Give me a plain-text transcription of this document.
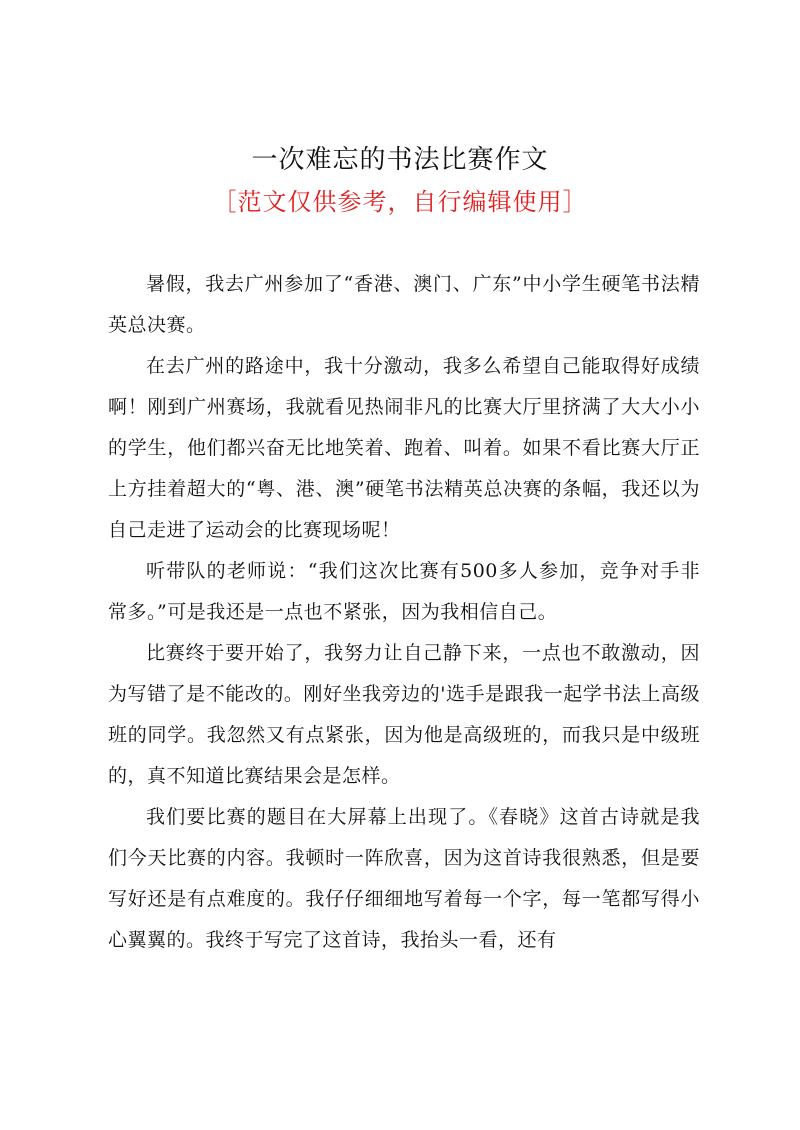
一次难忘的书法比赛作文
［范文仅供参考，自行编辑使用］

暑假，我去广州参加了“香港、澳门、广东”中小学生硬笔书法精英总决赛。

在去广州的路途中，我十分激动，我多么希望自己能取得好成绩啊！刚到广州赛场，我就看见热闹非凡的比赛大厅里挤满了大大小小的学生，他们都兴奋无比地笑着、跑着、叫着。如果不看比赛大厅正上方挂着超大的“粤、港、澳”硬笔书法精英总决赛的条幅，我还以为自己走进了运动会的比赛现场呢！

听带队的老师说：“我们这次比赛有500多人参加，竞争对手非常多。”可是我还是一点也不紧张，因为我相信自己。

比赛终于要开始了，我努力让自己静下来，一点也不敢激动，因为写错了是不能改的。刚好坐我旁边的'选手是跟我一起学书法上高级班的同学。我忽然又有点紧张，因为他是高级班的，而我只是中级班的，真不知道比赛结果会是怎样。

我们要比赛的题目在大屏幕上出现了。《春晓》这首古诗就是我们今天比赛的内容。我顿时一阵欣喜，因为这首诗我很熟悉，但是要写好还是有点难度的。我仔仔细细地写着每一个字，每一笔都写得小心翼翼的。我终于写完了这首诗，我抬头一看，还有
